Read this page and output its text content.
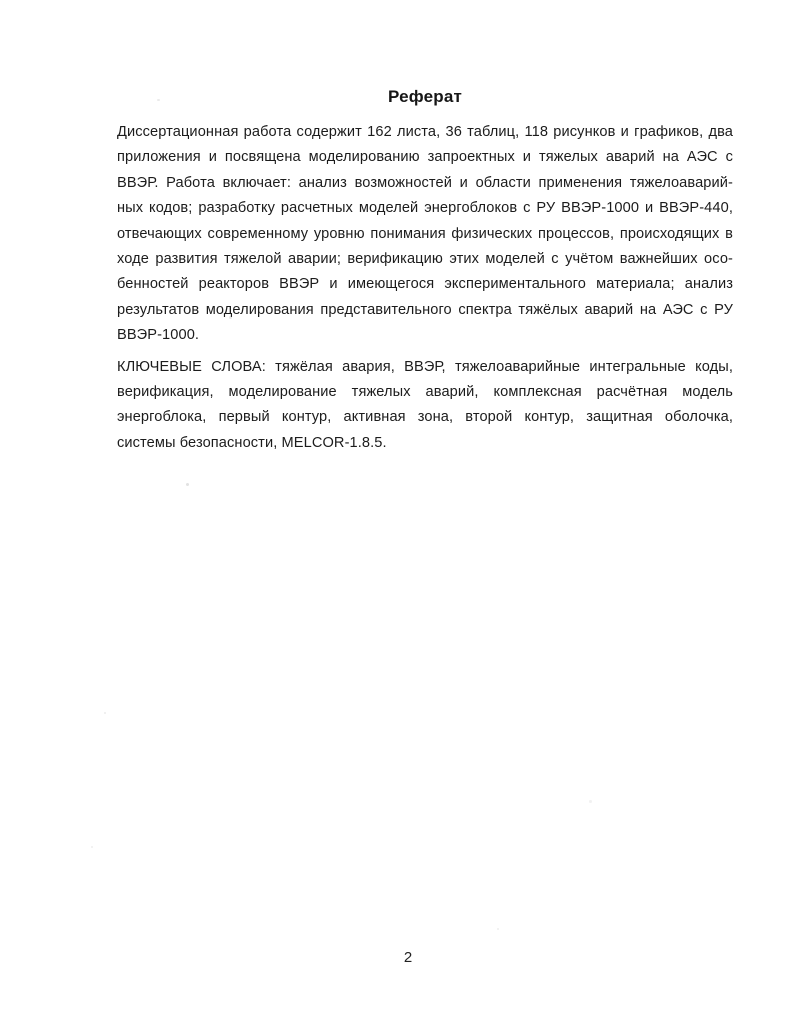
Реферат
Диссертационная работа содержит 162 листа, 36 таблиц, 118 рисунков и графиков, два
приложения и посвящена моделированию запроектных и тяжелых аварий на АЭС с
ВВЭР. Работа включает: анализ возможностей и области применения тяжелоаварий-
ных кодов; разработку расчетных моделей энергоблоков с РУ ВВЭР-1000 и ВВЭР-440,
отвечающих современному уровню понимания физических процессов, происходящих в
ходе развития тяжелой аварии; верификацию этих моделей с учётом важнейших осо-
бенностей реакторов ВВЭР и имеющегося экспериментального материала; анализ
результатов моделирования представительного спектра тяжёлых аварий на АЭС с РУ
ВВЭР-1000.
КЛЮЧЕВЫЕ СЛОВА: тяжёлая авария, ВВЭР, тяжелоаварийные интегральные коды,
верификация, моделирование тяжелых аварий, комплексная расчётная модель
энергоблока, первый контур, активная зона, второй контур, защитная оболочка,
системы безопасности, MELCOR-1.8.5.
2
